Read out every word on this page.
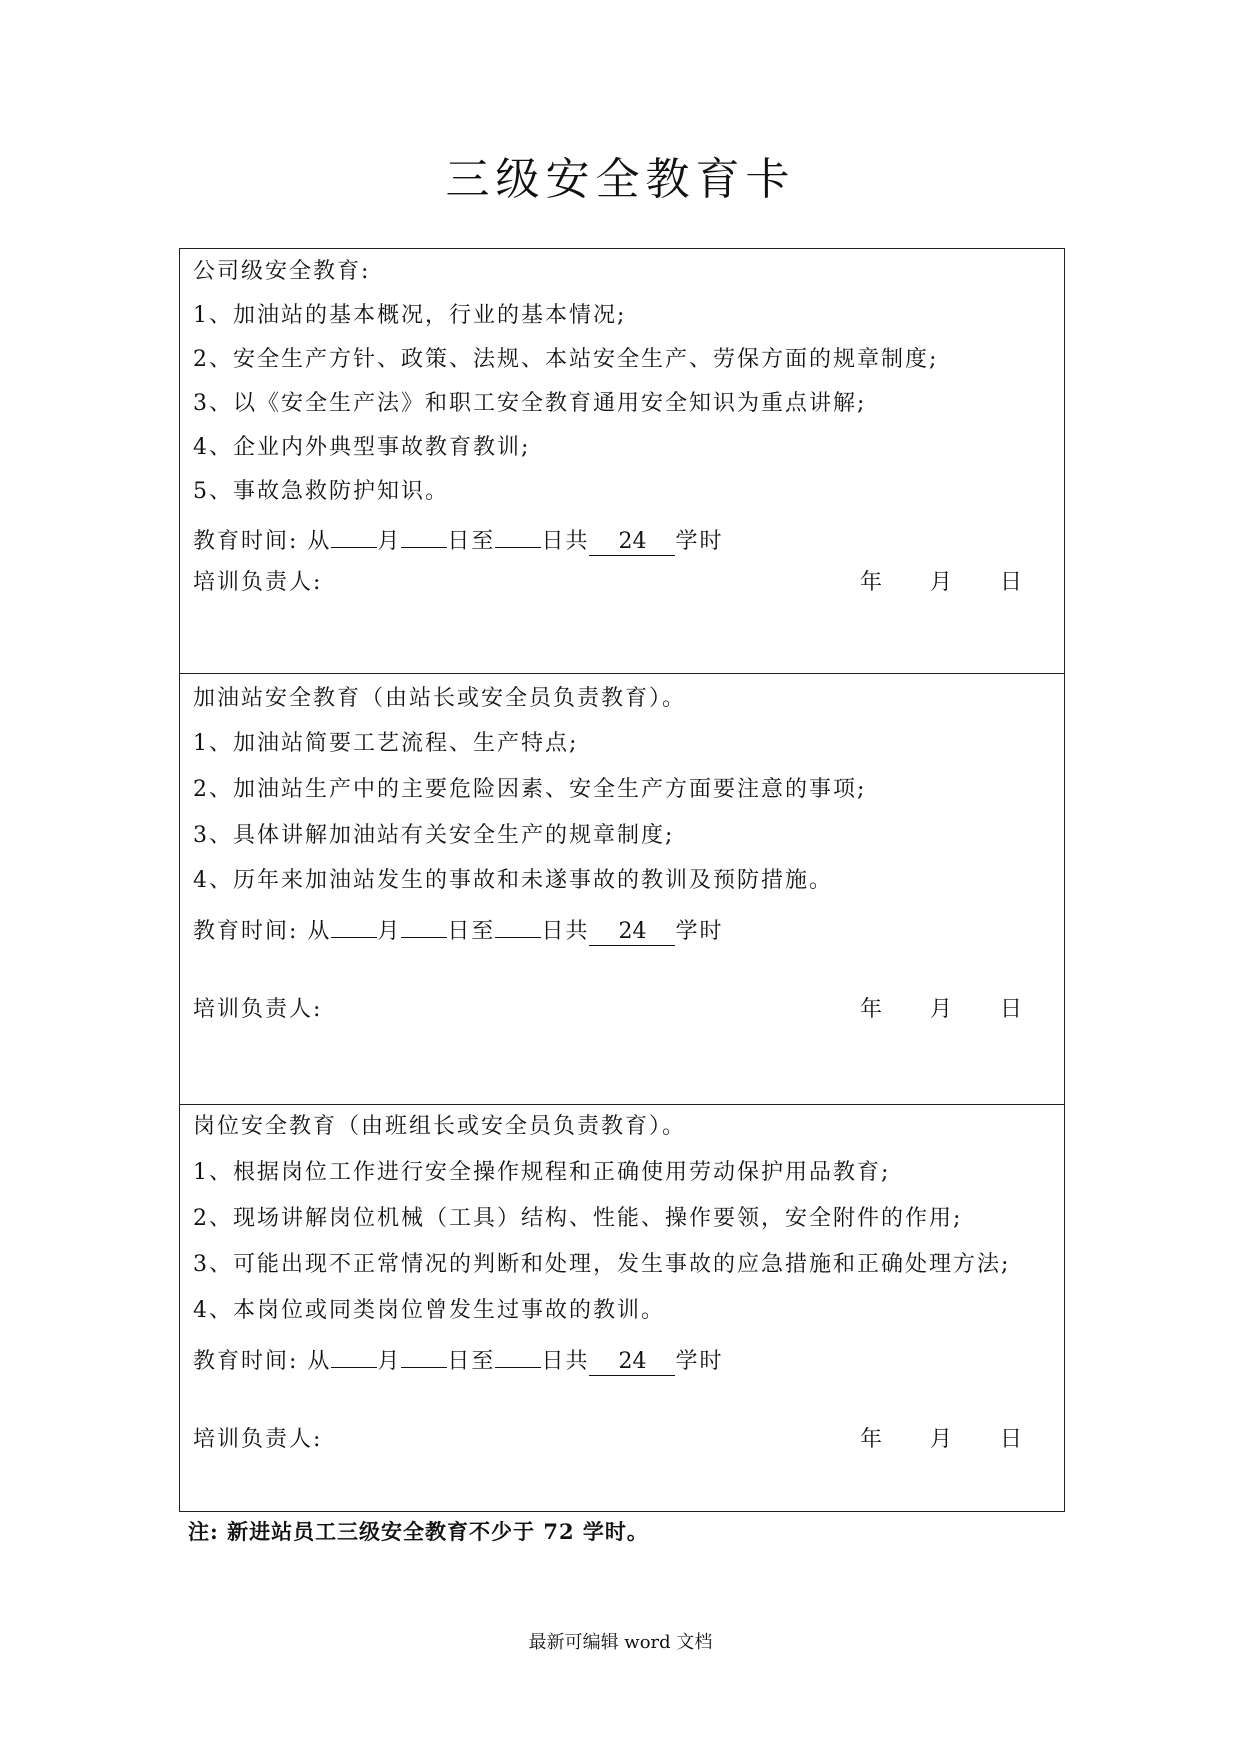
三级安全教育卡
公司级安全教育:
1、加油站的基本概况，行业的基本情况;
2、安全生产方针、政策、法规、本站安全生产、劳保方面的规章制度;
3、以《安全生产法》和职工安全教育通用安全知识为重点讲解;
4、企业内外典型事故教育教训;
5、事故急救防护知识。
教育时间: 从 月 日至 日共 24 学时
培训负责人:	年 月 日
加油站安全教育（由站长或安全员负责教育）。
1、加油站简要工艺流程、生产特点;
2、加油站生产中的主要危险因素、安全生产方面要注意的事项;
3、具体讲解加油站有关安全生产的规章制度;
4、历年来加油站发生的事故和未遂事故的教训及预防措施。
教育时间: 从 月 日至 日共 24 学时
培训负责人:	年 月 日
岗位安全教育（由班组长或安全员负责教育）。
1、根据岗位工作进行安全操作规程和正确使用劳动保护用品教育;
2、现场讲解岗位机械（工具）结构、性能、操作要领，安全附件的作用;
3、可能出现不正常情况的判断和处理，发生事故的应急措施和正确处理方法;
4、本岗位或同类岗位曾发生过事故的教训。
教育时间: 从 月 日至 日共 24 学时
培训负责人:	年 月 日
注: 新进站员工三级安全教育不少于 72 学时。
最新可编辑 word 文档
